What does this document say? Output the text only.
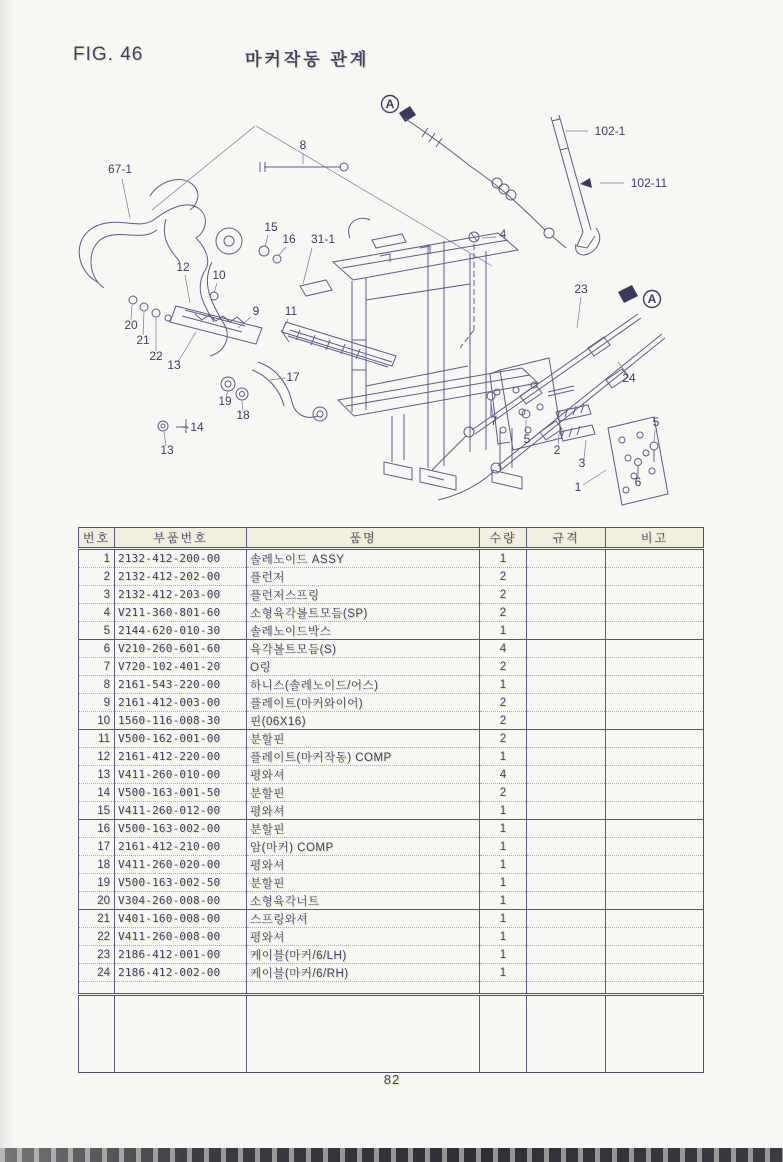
FIG. 46	마커작동 관계
A
102-1
102-11
8
67-1
15
16 31-1
12
10
9 11
20
21
22
13
17
19
18
14
13
4
23
A
24
7
5
2
3
1
5
6
번호	부품번호	품명	수량	규격	비고
1	2132-412-200-00	솔레노이드 ASSY	1		
2	2132-412-202-00	플런저	2		
3	2132-412-203-00	플런저스프링	2		
4	V211-360-801-60	소형육각볼트모듬(SP)	2		
5	2144-620-010-30	솔레노이드박스	1		
6	V210-260-601-60	육각볼트모듬(S)	4		
7	V720-102-401-20	O링	2		
8	2161-543-220-00	하니스(솔레노이드/어스)	1		
9	2161-412-003-00	플레이트(마커와이어)	2		
10	1560-116-008-30	핀(06X16)	2		
11	V500-162-001-00	분할핀	2		
12	2161-412-220-00	플레이트(마커작동) COMP	1		
13	V411-260-010-00	평와셔	4		
14	V500-163-001-50	분할핀	2		
15	V411-260-012-00	평와셔	1		
16	V500-163-002-00	분할핀	1		
17	2161-412-210-00	암(마커) COMP	1		
18	V411-260-020-00	평와셔	1		
19	V500-163-002-50	분할핀	1		
20	V304-260-008-00	소형육각너트	1		
21	V401-160-008-00	스프링와셔	1		
22	V411-260-008-00	평와셔	1		
23	2186-412-001-00	케이블(마커/6/LH)	1		
24	2186-412-002-00	케이블(마커/6/RH)	1		

82
